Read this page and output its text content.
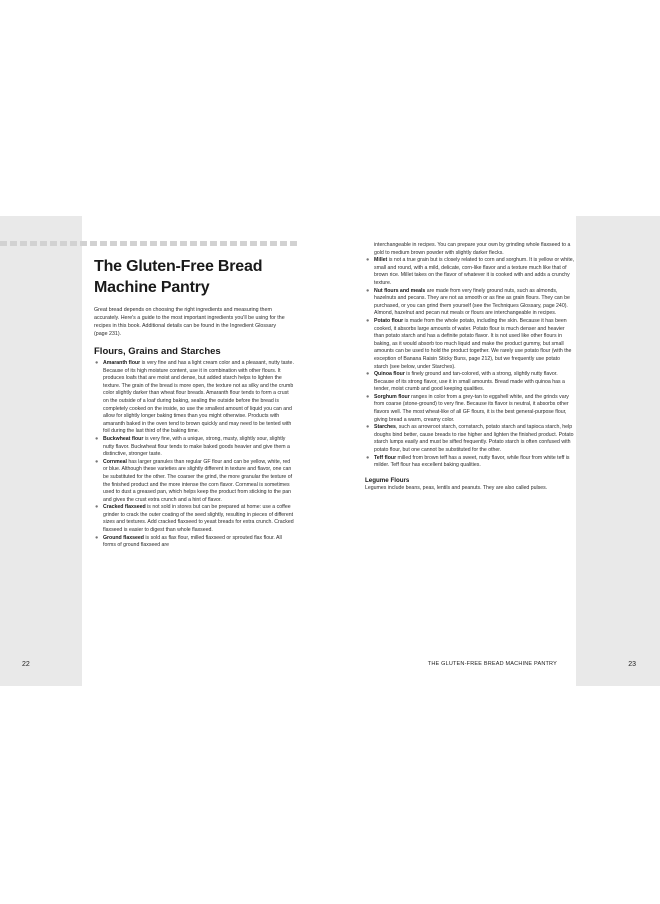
22	23
The Gluten-Free Bread Machine Pantry

Great bread depends on choosing the right ingredients and measuring them accurately. Here's a guide to the most important ingredients you'll be using for the recipes in this book. Additional details can be found in the Ingredient Glossary (page 231).

Flours, Grains and Starches
● Amaranth flour is very fine and has a light cream color and a pleasant, nutty taste. Because of its high moisture content, use it in combination with other flours. It produces loafs that are moist and dense, but added starch helps to lighten the texture. The grain of the bread is more open, the texture not as silky and the crumb color slightly darker than wheat flour breads. Amaranth flour tends to form a crust on the outside of a loaf during baking, sealing the outside before the bread is completely cooked on the inside, so use the smallest amount of liquid you can and allow for slightly longer baking times than you might otherwise. Products with amaranth baked in the oven tend to brown quickly and may need to be tented with foil during the last third of the baking time.
● Buckwheat flour is very fine, with a unique, strong, musty, slightly sour, slightly nutty flavor. Buckwheat flour tends to make baked goods heavier and give them a distinctive, stronger taste.
● Cornmeal has larger granules than regular GF flour and can be yellow, white, red or blue. Although these varieties are slightly different in texture and flavor, one can be substituted for the other. The coarser the grind, the more granular the texture of the finished product and the more intense the corn flavor. Cornmeal is sometimes used to dust a greased pan, which helps keep the product from sticking to the pan and gives the crust extra crunch and a hint of flavor.
● Cracked flaxseed is not sold in stores but can be prepared at home: use a coffee grinder to crack the outer coating of the seed slightly, resulting in pieces of different sizes and textures. Add cracked flaxseed to yeast breads for extra crunch. Cracked flaxseed is easier to digest than whole flaxseed.
● Ground flaxseed is sold as flax flour, milled flaxseed or sprouted flax flour. All forms of ground flaxseed are

interchangeable in recipes. You can prepare your own by grinding whole flaxseed to a gold to medium brown powder with slightly darker flecks.

● Millet is not a true grain but is closely related to corn and sorghum. It is yellow or white, small and round, with a mild, delicate, corn-like flavor and a texture much like that of brown rice. Millet takes on the flavor of whatever it is cooked with and adds a crunchy texture.
● Nut flours and meals are made from very finely ground nuts, such as almonds, hazelnuts and pecans. They are not as smooth or as fine as grain flours. They can be purchased, or you can grind them yourself (see the Techniques Glossary, page 240). Almond, hazelnut and pecan nut meals or flours are interchangeable in recipes.
● Potato flour is made from the whole potato, including the skin. Because it has been cooked, it absorbs large amounts of water. Potato flour is much denser and heavier than potato starch and has a definite potato flavor. It is not used like other flours in baking, as it would absorb too much liquid and make the product gummy, but small amounts can be used to hold the product together. We rarely use potato flour (with the exception of Banana Raisin Sticky Buns, page 212), but we frequently use potato starch (see below, under Starches).
● Quinoa flour is finely ground and tan-colored, with a strong, slightly nutty flavor. Because of its strong flavor, use it in small amounts. Bread made with quinoa has a tender, moist crumb and good keeping qualities.
● Sorghum flour ranges in color from a grey-tan to eggshell white, and the grinds vary from coarse (stone-ground) to very fine. Because its flavor is neutral, it absorbs other flavors well. The most wheat-like of all GF flours, it is the best general-purpose flour, giving bread a warm, creamy color.
● Starches, such as arrowroot starch, cornstarch, potato starch and tapioca starch, help doughs bind better, cause breads to rise higher and lighten the finished product. Potato starch lumps easily and must be sifted frequently. Potato starch is often confused with potato flour, but one cannot be substituted for the other.
● Teff flour milled from brown teff has a sweet, nutty flavor, while flour from white teff is milder. Teff flour has excellent baking qualities.
Legume Flours

Legumes include beans, peas, lentils and peanuts. They are also called pulses.

THE GLUTEN-FREE BREAD MACHINE PANTRY
